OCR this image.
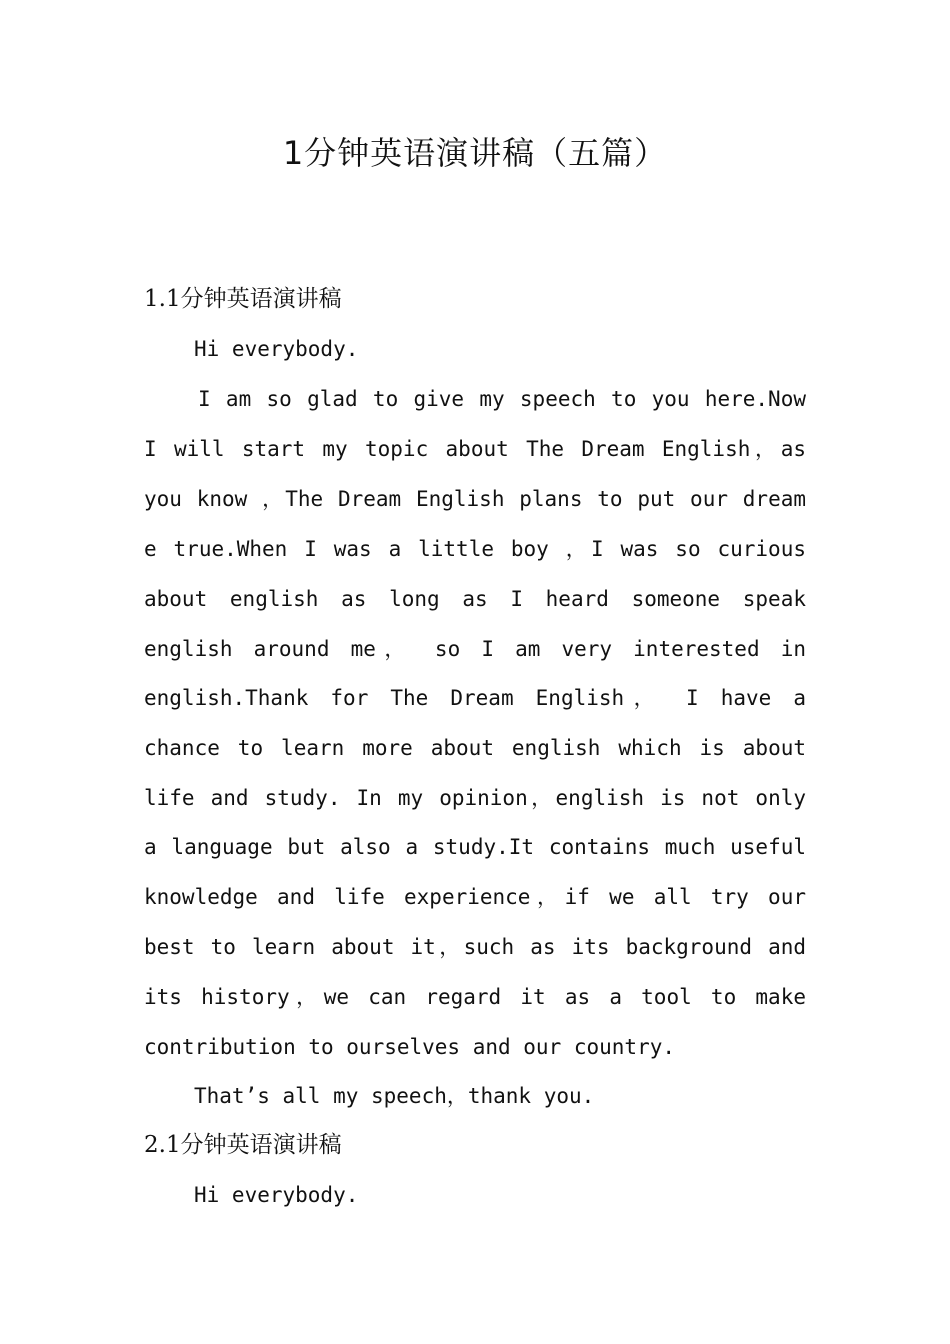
1分钟英语演讲稿（五篇）
1.1分钟英语演讲稿
Hi everybody.
I am so glad to give my speech to you here.Now
I will start my topic about The Dream English，as
you know ，The Dream English plans to put our dream
e true.When I was a little boy ，I was so curious
about english as long as I heard someone speak
english around me， so I am very interested in
english.Thank for The Dream English， I have a
chance to learn more about english which is about
life and study. In my opinion，english is not only
a language but also a study.It contains much useful
knowledge and life experience，if we all try our
best to learn about it，such as its background and
its history，we can regard it as a tool to make
contribution to ourselves and our country.
That’s all my speech，thank you.
2.1分钟英语演讲稿
Hi everybody.
